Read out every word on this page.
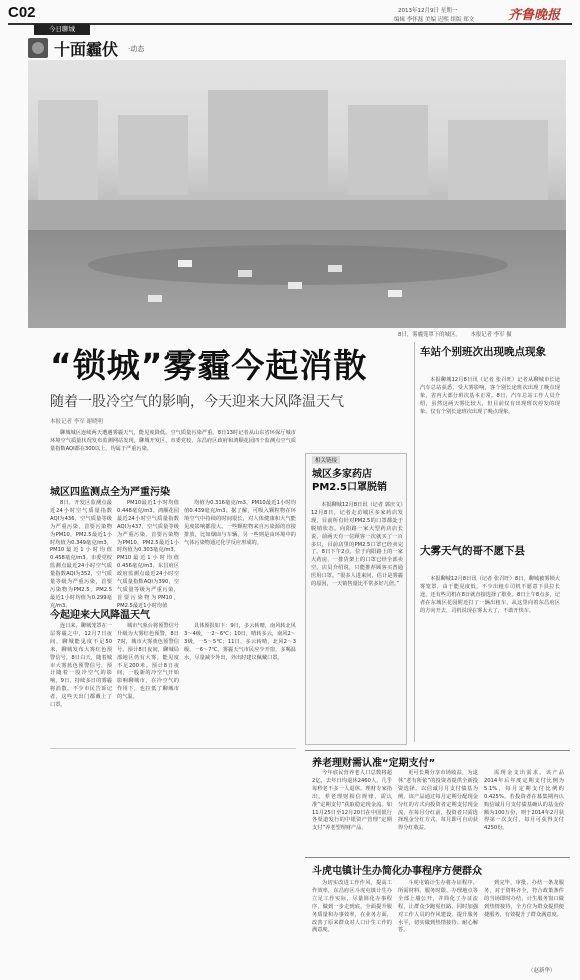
C02	2013年12月9日 星期一
编辑 李怀磊 美编 迟熙 组版 郑文	齐鲁晚报
今日聊城
十面霾伏 ·动态
8日，雾霾笼罩下的城区。 本报记者 李军 摄
“锁城”雾霾今起消散
随着一股冷空气的影响，今天迎来大风降温天气
本报记者 李军 谢晓明

聊城城区连续两天遭遇雾霾天气，能见度降低，空气质量污染严重。8日13时记者从山东省环保厅城市环境空气质量状况发布监测网站发现，聊城开发区、市委党校、东昌府区政府和鸿顺花园四个监测点空气质量指数AQI都在300以上，均属于严重污染。

城区四监测点全为严重污染

8日，开发区监测点最近24小时空气质量指数AQI为436，空气质量等级为严重污染，首要污染物为PM10，PM2.5最近1小时均值为0.349毫克/m3，PM10最近1小时均值0.458毫克/m3。市委党校监测点最近24小时空气质量指数AQI为352，空气质量等级为严重污染，首要污染物为PM2.5，PM2.5最近1小时均值为0.299毫克/m3。

PM10最近1小时均值0.448毫克/m3。鸿顺花园最近24小时空气质量指数AQI为437，空气质量等级为严重污染，首要污染物为PM10，PM2.5最近1小时均值为0.303毫克/m3，PM10最近1小时均值0.456毫克/m3。东昌府区政府监测点最近24小时空气质量指数AQI为390，空气质量等级为严重污染，首要污染物为PM10，PM2.5最近1小时均值

均值为0.316毫克/m3，PM10最近1小时均值0.439毫克/m3。据了解，可吸入颗粒物在环境空气中持续的时间很长，对人体健康和大气能见度影响都很大。一些颗粒物来自污染源的直接排放，比如烟囱与车辆。另一些则是由环境中的气体污染物通过化学反应形成的。

今起迎来大风降温天气

连日来，聊城笼罩在一层雾霾之中，12月7日夜间，聊城能见度不足50米，聊城发布大雾红色预警信号，8日白天，随着城市大雾蓝色预警信号，预计随着一股冷空气的影响，9日，持续多日的雾霾将消散。不少市民告诉记者，这些天出门都戴上了口罩。

城市气象台将预警信号升级为大雾红色预警，8日7时，城市大雾黄色预警信号。预计8日夜间，聊城局部地区仍有大雾。能见度不足200米。预计8日夜间，一股新的冷空气开始影响聊城市，在冷空气的作用下，也拉低了聊城市的气温。

具体预报如下：9日，多云转晴，南风转北风3～4级，一2～6℃；10日，晴转多云，南风2～3级，一5～5℃；11日，多云转晴，北风2～3级，一6～7℃。雾霾天气市民应少开窗，多喝温水，尽量减少外出，外出时建议佩戴口罩。

相关链接
城区多家药店PM2.5口罩脱销

本报聊城12月8日讯（记者 郭庆文）12月8日，记者走访城区多家药店发现，目前所有针对PM2.5的口罩都处于脱销状态。向阳路一家大型药店店长说，前两天有一位顾客一次就买了一百多只，目前店里的PM2.5口罩已经卖完了。8日下午2点，位于向阳路上的一家大药房，一排货架上的口罩已经全部卖空。店员介绍说，只能推荐顾客买普通医用口罩。“很多人进来问，估计是雾霾的原因，一天销售量比平常多好几倍。”

车站个别班次出现晚点现象

本报聊城12月8日讯（记者 张召旺）记者从聊城市长途汽车总站获悉，受大雾影响，客个别长途班次出现了晚点现象，省内大部分班次基本正常。8日，汽车总站工作人员介绍，虽然这两天雾比较大，但目前仅有出现班次停发的现象，仅有个别长途班次出现了晚点现象。

大雾天气的哥不愿下县

本报聊城12月8日讯（记者 张召旺）8日，聊城被雾锁大雾笼罩，由于能见度低，不少出租车司机不愿意下县拉长途，还有些司机在8日就直接选择了歇业。8日上午8点多，记者在东城区花园附近打了一辆出租车，从这里向着东昌府区的方向开去，司机说现在雾太大了，不敢开快车。

养老理财需认准“定期支付”

今年底民营养老人口总数将超2亿，去年日均退休2460人，几乎每秒老不多一人退休。理财专家指出，养老理财相信规律，需认准“定期支付”获取稳定现金流。如11月25日至12月20日在中国银行各渠道发行的中银资产管理“定期支付”养老型理财产品。

更可长期分享市场收益，为退休“老有所依”的投资者提供全新投资选择。以信诚月月支付债基为例，该产品通过每月定期分配现金分红的方式向投资者定期支付现金流，在每月分红前，投资者只需选择现金分红方式，每月即可自动获得分红收益。

需现金支出需求。该产品2014年后年度定期支付比例为5.1%，每月定期支付比例约0.425%，若投资者在募集期内认购信诚月月支付债基确认的基金份额为100万份，则于2014年2月获得第一次支付，每月可获得支付4250份。

斗虎屯镇计生办简化办事程序方便群众

为切实改进工作作风，提高工作效率，东昌府区斗虎屯镇计生办立足工作实际，尽量简化办事程序，做到一步走到底，全面提升服务质量和办事效率，在业务方面，改善了原来群众对人口计生工作的满意度。

斗虎屯镇计生办将办证程序、所需材料、服务时限、办理地点等全部上墙公开，并简化了办证流程，让群众少跑冤枉路。同时加强对工作人员的作风建设，提升服务水平，切实做到热情接待、耐心解答。

到完毕，审批、办结一条龙服务，对于资料齐全，符合政策条件的当场即时办结，计生服务窗口做到热情接待，全方位为群众提供便捷服务，有效提升了群众满意度。

（赵新华）
